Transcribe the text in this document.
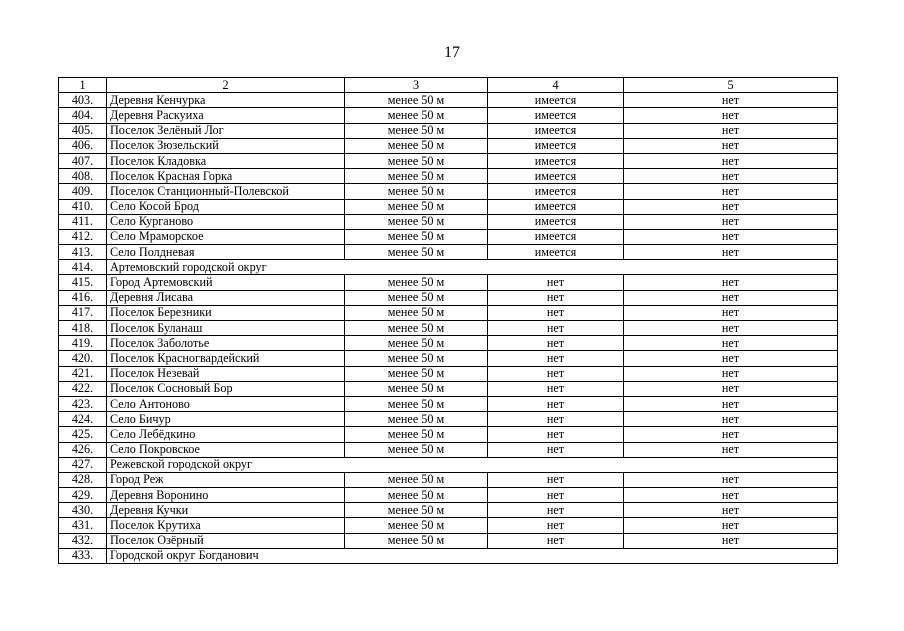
17
1	2	3	4	5
403.	Деревня Кенчурка	менее 50 м	имеется	нет
404.	Деревня Раскуиха	менее 50 м	имеется	нет
405.	Поселок Зелёный Лог	менее 50 м	имеется	нет
406.	Поселок Зюзельский	менее 50 м	имеется	нет
407.	Поселок Кладовка	менее 50 м	имеется	нет
408.	Поселок Красная Горка	менее 50 м	имеется	нет
409.	Поселок Станционный-Полевской	менее 50 м	имеется	нет
410.	Село Косой Брод	менее 50 м	имеется	нет
411.	Село Курганово	менее 50 м	имеется	нет
412.	Село Мраморское	менее 50 м	имеется	нет
413.	Село Полдневая	менее 50 м	имеется	нет
414.	Артемовский городской округ			
415.	Город Артемовский	менее 50 м	нет	нет
416.	Деревня Лисава	менее 50 м	нет	нет
417.	Поселок Березники	менее 50 м	нет	нет
418.	Поселок Буланаш	менее 50 м	нет	нет
419.	Поселок Заболотье	менее 50 м	нет	нет
420.	Поселок Красногвардейский	менее 50 м	нет	нет
421.	Поселок Незевай	менее 50 м	нет	нет
422.	Поселок Сосновый Бор	менее 50 м	нет	нет
423.	Село Антоново	менее 50 м	нет	нет
424.	Село Бичур	менее 50 м	нет	нет
425.	Село Лебёдкино	менее 50 м	нет	нет
426.	Село Покровское	менее 50 м	нет	нет
427.	Режевской городской округ			
428.	Город Реж	менее 50 м	нет	нет
429.	Деревня Воронино	менее 50 м	нет	нет
430.	Деревня Кучки	менее 50 м	нет	нет
431.	Поселок Крутиха	менее 50 м	нет	нет
432.	Поселок Озёрный	менее 50 м	нет	нет
433.	Городской округ Богданович			
